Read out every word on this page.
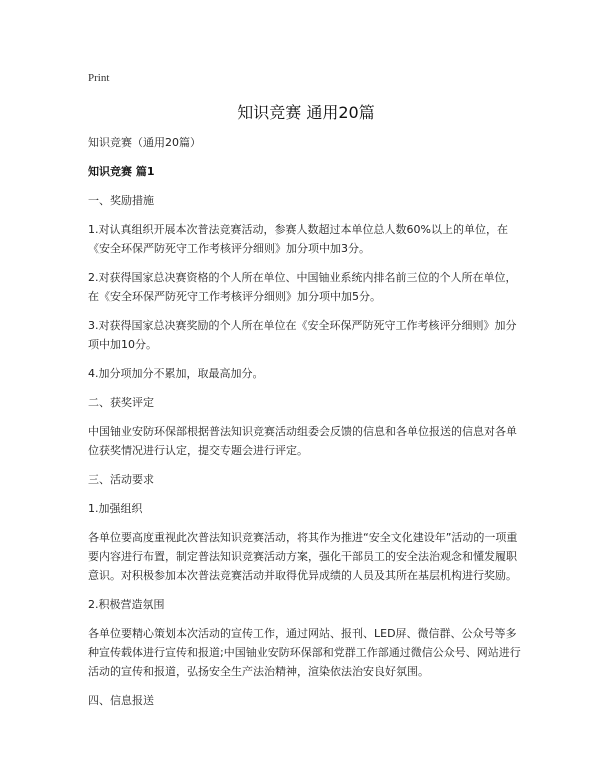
Print
知识竞赛 通用20篇

知识竞赛（通用20篇）

知识竞赛 篇1

一、奖励措施

1.对认真组织开展本次普法竞赛活动，参赛人数超过本单位总人数60%以上的单位，在《安全环保严防死守工作考核评分细则》加分项中加3分。

2.对获得国家总决赛资格的个人所在单位、中国铀业系统内排名前三位的个人所在单位，在《安全环保严防死守工作考核评分细则》加分项中加5分。

3.对获得国家总决赛奖励的个人所在单位在《安全环保严防死守工作考核评分细则》加分项中加10分。

4.加分项加分不累加，取最高加分。

二、获奖评定

中国铀业安防环保部根据普法知识竞赛活动组委会反馈的信息和各单位报送的信息对各单位获奖情况进行认定，提交专题会进行评定。

三、活动要求

1.加强组织

各单位要高度重视此次普法知识竞赛活动，将其作为推进“安全文化建设年”活动的一项重要内容进行布置，制定普法知识竞赛活动方案，强化干部员工的安全法治观念和懂发履职意识。对积极参加本次普法竞赛活动并取得优异成绩的人员及其所在基层机构进行奖励。

2.积极营造氛围

各单位要精心策划本次活动的宣传工作，通过网站、报刊、LED屏、微信群、公众号等多种宣传载体进行宣传和报道;中国铀业安防环保部和党群工作部通过微信公众号、网站进行活动的宣传和报道，弘扬安全生产法治精神，渲染依法治安良好氛围。

四、信息报送
